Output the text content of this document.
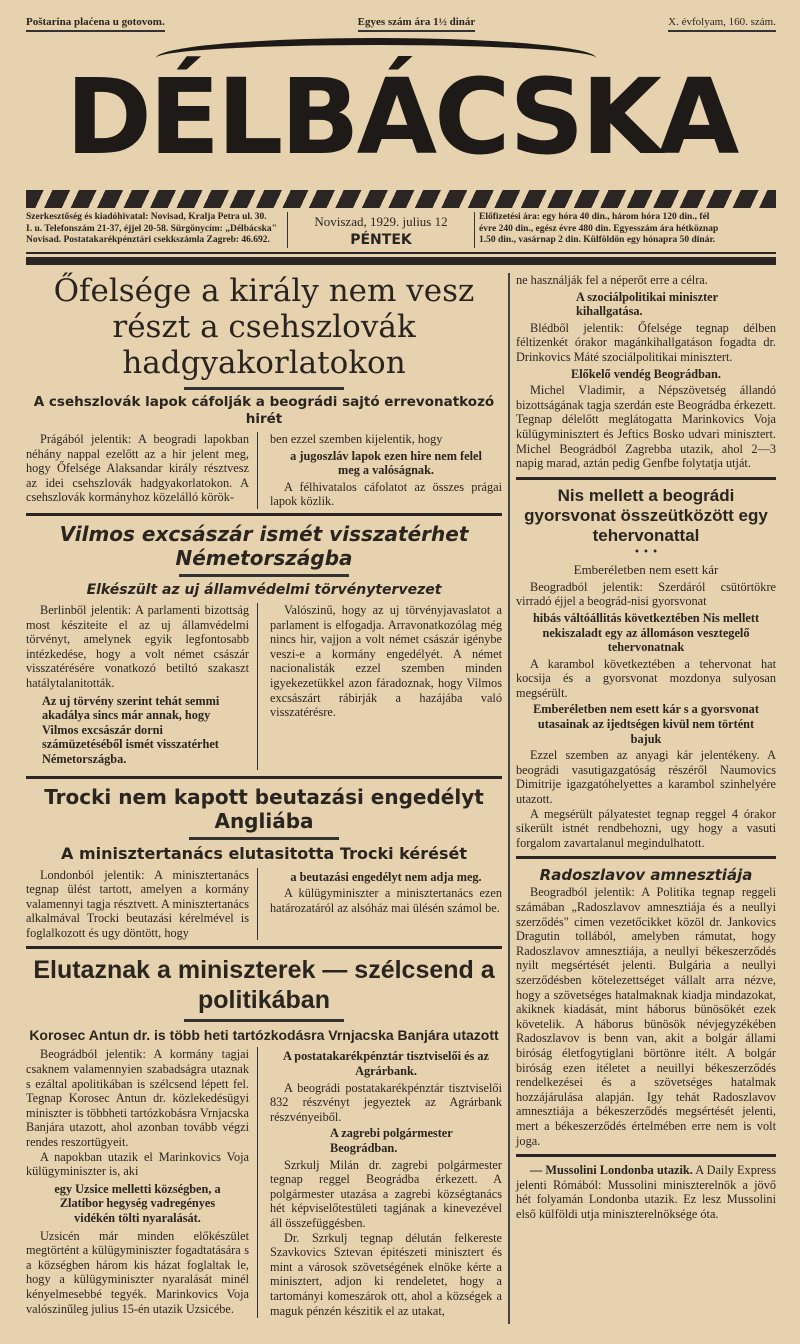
Poštarina plaćena u gotovom.	Egyes szám ára 1½ dinár	X. évfolyam, 160. szám.
DÉLBÁCSKA
Szerkesztőség és kiadóhivatal: Novisad, Kralja Petra ul. 30.
I. u. Telefonszám 21-37, éjjel 20-58. Sürgönycím: „Délbácska"
Novisad. Postatakarékpénztári csekkszámla Zagreb: 46.692.
Noviszad, 1929. julius 12
PÉNTEK
Előfizetési ára: egy hóra 40 din., három hóra 120 din., fél
évre 240 din., egész évre 480 din. Egyesszám ára hétköznap
1.50 din., vasárnap 2 din. Külföldön egy hónapra 50 dinár.
Őfelsége a király nem vesz részt a csehszlovák hadgyakorlatokon
A csehszlovák lapok cáfolják a beográdi sajtó errevonatkozó hirét

Prágából jelentik: A beogradi lapokban néhány nappal ezelőtt az a hir jelent meg, hogy Őfelsége Alaksandar király résztvesz az idei csehszlovák hadgyakorlatokon. A csehszlovák kormányhoz közelálló körök-

ben ezzel szemben kijelentik, hogy

a jugoszláv lapok ezen hire nem felel meg a valóságnak.

A félhivatalos cáfolatot az összes prágai lapok közlik.

Vilmos excsászár ismét visszatérhet Németországba
Elkészült az uj államvédelmi törvénytervezet

Berlinből jelentik: A parlamenti bizottság most késziteite el az uj államvédelmi törvényt, amelynek egyik legfontosabb intézkedése, hogy a volt német császár visszatérésére vonatkozó betiltó szakaszt hatálytalanitották.

Az uj törvény szerint tehát semmi akadálya sincs már annak, hogy Vilmos excsászár dorni számüzetéséből ismét visszatérhet Németországba.

Valószinű, hogy az uj törvényjavaslatot a parlament is elfogadja. Arravonatkozólag még nincs hir, vajjon a volt német császár igénybe veszi-e a kormány engedélyét. A német nacionalisták ezzel szemben minden igyekezetükkel azon fáradoznak, hogy Vilmos excsászárt rábirják a hazájába való visszatérésre.

Trocki nem kapott beutazási engedélyt Angliába
A minisztertanács elutasitotta Trocki kérését

Londonból jelentik: A minisztertanács tegnap ülést tartott, amelyen a kormány valamennyi tagja résztvett. A minisztertanács alkalmával Trocki beutazási kérelmével is foglalkozott és ugy döntött, hogy

a beutazási engedélyt nem adja meg.

A külügyminiszter a minisztertanács ezen határozatáról az alsóház mai ülésén számol be.

Elutaznak a miniszterek — szélcsend a politikában
Korosec Antun dr. is több heti tartózkodásra Vrnjacska Banjára utazott

Beográdból jelentik: A kormány tagjai csaknem valamennyien szabadságra utaznak s ezáltal apolitikában is szélcsend lépett fel. Tegnap Korosec Antun dr. közlekedésügyi miniszter is többheti tartózkobásra Vrnjacska Banjára utazott, ahol azonban tovább végzi rendes reszortügyeit.

A napokban utazik el Marinkovics Voja külügyminiszter is, aki

egy Uzsice melletti községben, a Zlatibor hegység vadregényes vidékén tölti nyaralását.

Uzsicén már minden előkészület megtörtént a külügyminiszter fogadtatására s a községben három kis házat foglaltak le, hogy a külügyminiszter nyaralását minél kényelmesebbé tegyék. Marinkovics Voja valószinűleg julius 15-én utazik Uzsicébe.

A postatakarékpénztár tisztviselői és az Agrárbank.

A beográdi postatakarékpénztár tisztviselői 832 részvényt jegyeztek az Agrárbank részvényeiből.

A zagrebi polgármester Beográdban.

Szrkulj Milán dr. zagrebi polgármester tegnap reggel Beográdba érkezett. A polgármester utazása a zagrebi községtanács hét képviselőtestületi tagjának a kinevezével áll összefüggésben.

Dr. Szrkulj tegnap délután felkereste Szavkovics Sztevan épitészeti minisztert és mint a városok szövetségének elnöke kérte a minisztert, adjon ki rendeletet, hogy a tartományi komeszárok ott, ahol a községek a maguk pénzén készitik el az utakat,

ne használják fel a néperőt erre a célra.

A szociálpolitikai miniszter kihallgatása.

Blédből jelentik: Őfelsége tegnap délben féltizenkét órakor magánkihallgatáson fogadta dr. Drinkovics Máté szociálpolitikai minisztert.

Előkelő vendég Beográdban.

Michel Vladimir, a Népszövetség állandó bizottságának tagja szerdán este Beográdba érkezett. Tegnap délelőtt meglátogatta Marinkovics Voja külügyminisztert és Jeftics Bosko udvari minisztert. Michel Beográdból Zagrebba utazik, ahol 2—3 napig marad, aztán pedig Genfbe folytatja utját.

Nis mellett a beográdi gyorsvonat összeütközött egy tehervonattal
• • •

Emberéletben nem esett kár

Beogradból jelentik: Szerdáról csütörtökre virradó éjjel a beográd-nisi gyorsvonat

hibás váltóállitás következtében Nis mellett nekiszaladt egy az állomáson vesztegelő tehervonatnak

A karambol következtében a tehervonat hat kocsija és a gyorsvonat mozdonya sulyosan megsérült.

Emberéletben nem esett kár s a gyorsvonat utasainak az ijedtségen kivül nem történt bajuk

Ezzel szemben az anyagi kár jelentékeny. A beográdi vasutigazgatóság részéről Naumovics Dimitrije igazgatóhelyettes a karambol szinhelyére utazott.

A megsérült pályatestet tegnap reggel 4 órakor sikerült istnét rendbehozni, ugy hogy a vasuti forgalom zavartalanul megindulhatott.

Radoszlavov amnesztiája

Beogradból jelentik: A Politika tegnap reggeli számában „Radoszlavov amnesztiája és a neullyi szerződés" cimen vezetőcikket közöl dr. Jankovics Dragutin tollából, amelyben rámutat, hogy Radoszlavov amnesztiája, a neullyi békeszerződés nyilt megsértését jelenti. Bulgária a neullyi szerződésben kötelezettséget vállalt arra nézve, hogy a szövetséges hatalmaknak kiadja mindazokat, akiknek kiadását, mint háborus bünösökét ezek követelik. A háborus bünösök névjegyzékében Radoszlavov is benn van, akit a bolgár állami biróság életfogytiglani börtönre itélt. A bolgár biróság ezen itéletet a neuillyi békeszerződés rendelkezései és a szövetséges hatalmak hozzájárulása alapján. Igy tehát Radoszlavov amnesztiája a békeszerződés megsértését jelenti, mert a békeszerződés értelmében erre nem is volt joga.

— Mussolini Londonba utazik. A Daily Express jelenti Rómából: Mussolini miniszterelnök a jövő hét folyamán Londonba utazik. Ez lesz Mussolini első külföldi utja miniszterelnöksége óta.
